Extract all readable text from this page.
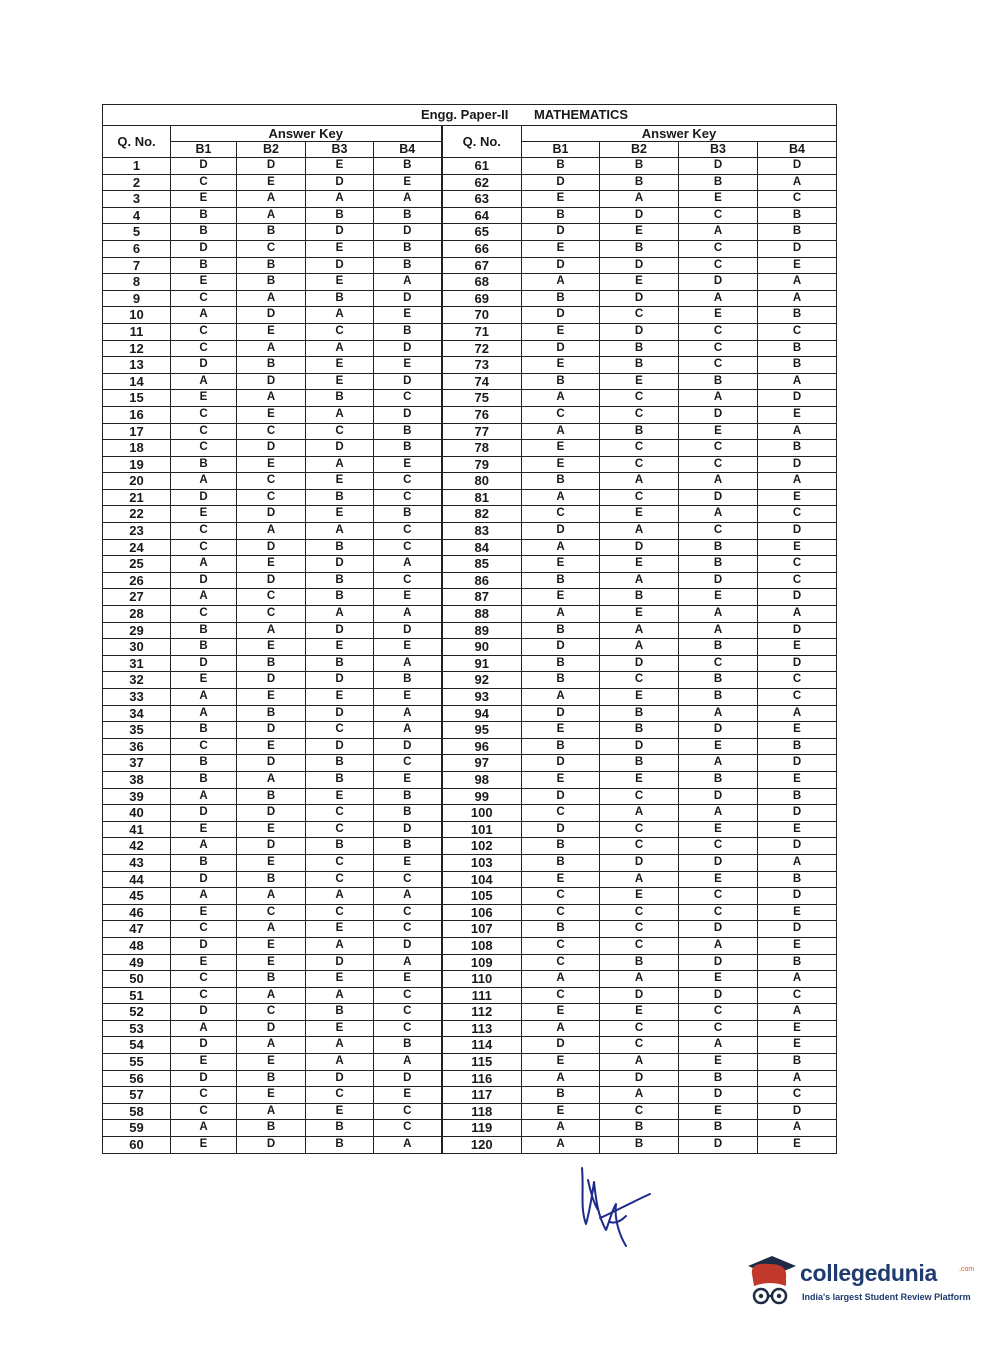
Engg. Paper-II MATHEMATICS									
Q. No.	Answer Key				Q. No.	Answer Key			
	B1	B2	B3	B4		B1	B2	B3	B4
1	D	D	E	B	61	B	B	D	D
2	C	E	D	E	62	D	B	B	A
3	E	A	A	A	63	E	A	E	C
4	B	A	B	B	64	B	D	C	B
5	B	B	D	D	65	D	E	A	B
6	D	C	E	B	66	E	B	C	D
7	B	B	D	B	67	D	D	C	E
8	E	B	E	A	68	A	E	D	A
9	C	A	B	D	69	B	D	A	A
10	A	D	A	E	70	D	C	E	B
11	C	E	C	B	71	E	D	C	C
12	C	A	A	D	72	D	B	C	B
13	D	B	E	E	73	E	B	C	B
14	A	D	E	D	74	B	E	B	A
15	E	A	B	C	75	A	C	A	D
16	C	E	A	D	76	C	C	D	E
17	C	C	C	B	77	A	B	E	A
18	C	D	D	B	78	E	C	C	B
19	B	E	A	E	79	E	C	C	D
20	A	C	E	C	80	B	A	A	A
21	D	C	B	C	81	A	C	D	E
22	E	D	E	B	82	C	E	A	C
23	C	A	A	C	83	D	A	C	D
24	C	D	B	C	84	A	D	B	E
25	A	E	D	A	85	E	E	B	C
26	D	D	B	C	86	B	A	D	C
27	A	C	B	E	87	E	B	E	D
28	C	C	A	A	88	A	E	A	A
29	B	A	D	D	89	B	A	A	D
30	B	E	E	E	90	D	A	B	E
31	D	B	B	A	91	B	D	C	D
32	E	D	D	B	92	B	C	B	C
33	A	E	E	E	93	A	E	B	C
34	A	B	D	A	94	D	B	A	A
35	B	D	C	A	95	E	B	D	E
36	C	E	D	D	96	B	D	E	B
37	B	D	B	C	97	D	B	A	D
38	B	A	B	E	98	E	E	B	E
39	A	B	E	B	99	D	C	D	B
40	D	D	C	B	100	C	A	A	D
41	E	E	C	D	101	D	C	E	E
42	A	D	B	B	102	B	C	C	D
43	B	E	C	E	103	B	D	D	A
44	D	B	C	C	104	E	A	E	B
45	A	A	A	A	105	C	E	C	D
46	E	C	C	C	106	C	C	C	E
47	C	A	E	C	107	B	C	D	D
48	D	E	A	D	108	C	C	A	E
49	E	E	D	A	109	C	B	D	B
50	C	B	E	E	110	A	A	E	A
51	C	A	A	C	111	C	D	D	C
52	D	C	B	C	112	E	E	C	A
53	A	D	E	C	113	A	C	C	E
54	D	A	A	B	114	D	C	A	E
55	E	E	A	A	115	E	A	E	B
56	D	B	D	D	116	A	D	B	A
57	C	E	C	E	117	B	A	D	C
58	C	A	E	C	118	E	C	E	D
59	A	B	B	C	119	A	B	B	A
60	E	D	B	A	120	A	B	D	E
collegedunia	.com
India's largest Student Review Platform
